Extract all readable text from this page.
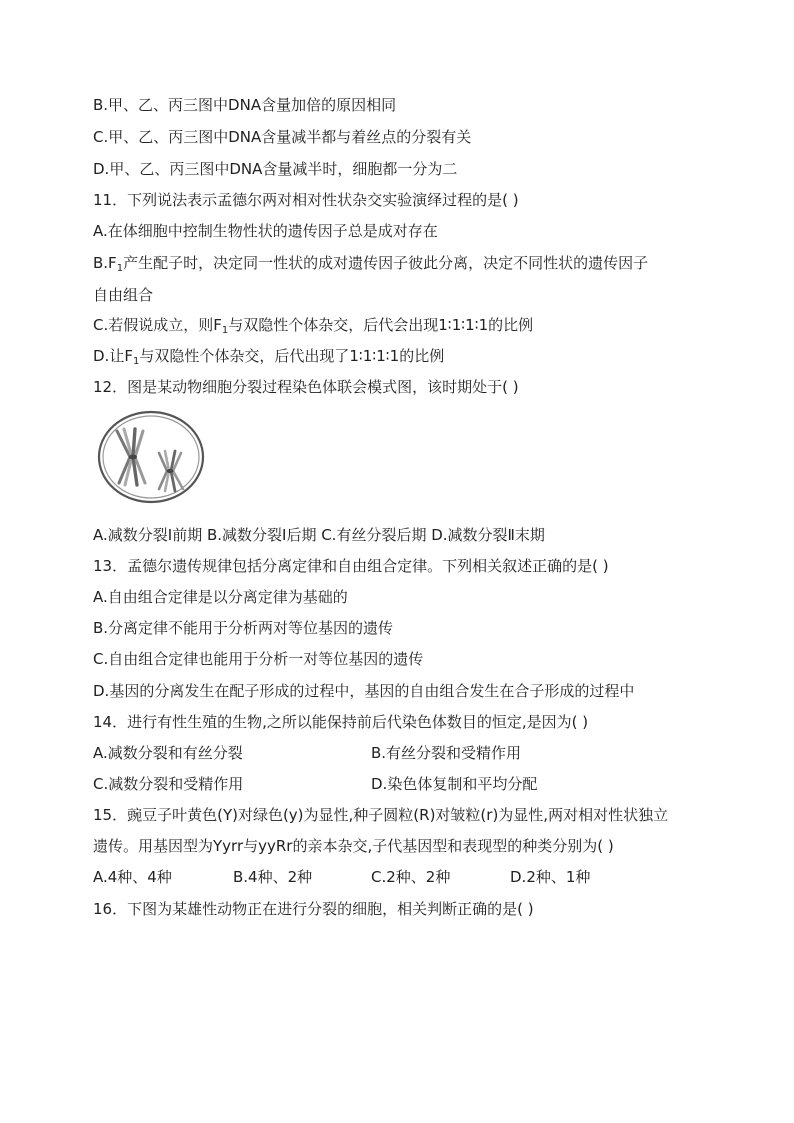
B.甲、乙、丙三图中DNA含量加倍的原因相同
C.甲、乙、丙三图中DNA含量减半都与着丝点的分裂有关
D.甲、乙、丙三图中DNA含量减半时，细胞都一分为二
11．下列说法表示孟德尔两对相对性状杂交实验演绎过程的是( )
A.在体细胞中控制生物性状的遗传因子总是成对存在
$B.F_1$产生配子时，决定同一性状的成对遗传因子彼此分离，决定不同性状的遗传因子
自由组合
C.若假说成立，则$F_1$与双隐性个体杂交，后代会出现1∶1∶1∶1的比例
D.让$F_1$与双隐性个体杂交，后代出现了1∶1∶1∶1的比例
12．图是某动物细胞分裂过程染色体联会模式图，该时期处于( )
A.减数分裂Ⅰ前期 B.减数分裂Ⅰ后期 C.有丝分裂后期 D.减数分裂Ⅱ末期
13．孟德尔遗传规律包括分离定律和自由组合定律。下列相关叙述正确的是( )
A.自由组合定律是以分离定律为基础的
B.分离定律不能用于分析两对等位基因的遗传
C.自由组合定律也能用于分析一对等位基因的遗传
D.基因的分离发生在配子形成的过程中，基因的自由组合发生在合子形成的过程中
14．进行有性生殖的生物,之所以能保持前后代染色体数目的恒定,是因为( )
A.减数分裂和有丝分裂	B.有丝分裂和受精作用
C.减数分裂和受精作用	D.染色体复制和平均分配
15．豌豆子叶黄色(Y)对绿色(y)为显性,种子圆粒(R)对皱粒(r)为显性,两对相对性状独立
遗传。用基因型为Yyrr与yyRr的亲本杂交,子代基因型和表现型的种类分别为( )
A.4种、4种	B.4种、2种	C.2种、2种	D.2种、1种
16．下图为某雄性动物正在进行分裂的细胞，相关判断正确的是( )
